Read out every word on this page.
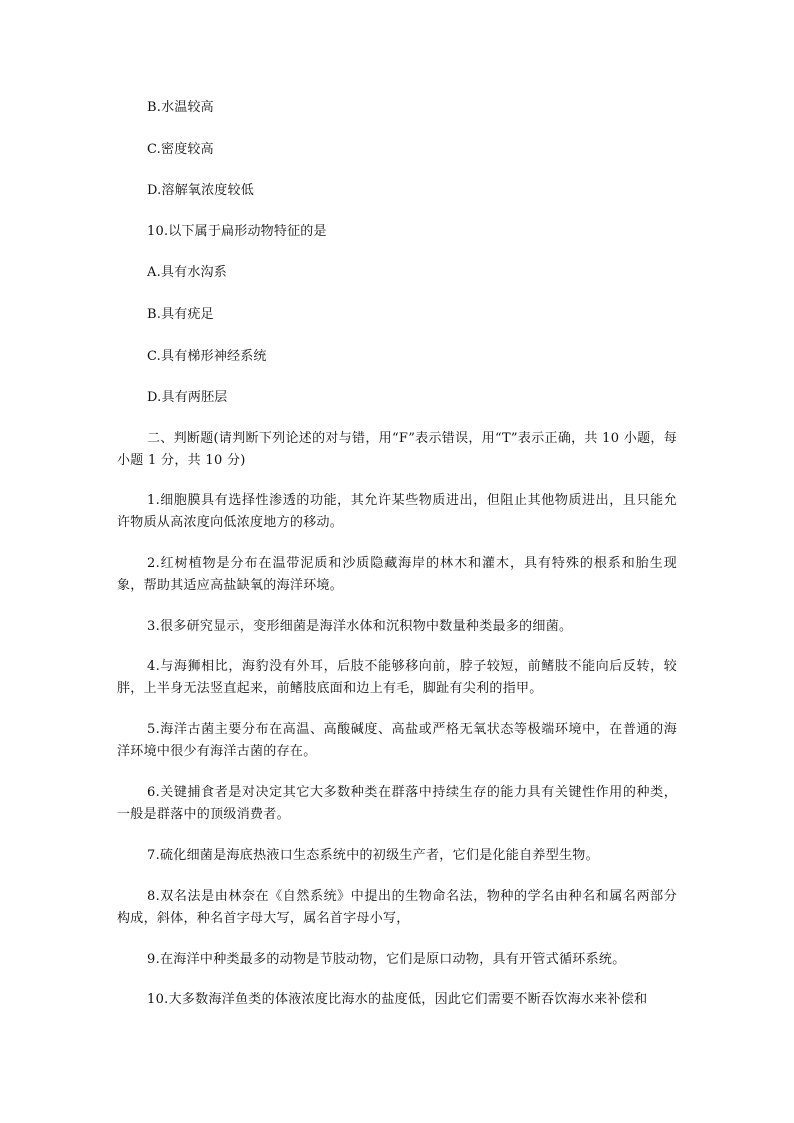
B.水温较高
C.密度较高
D.溶解氧浓度较低
10.以下属于扁形动物特征的是
A.具有水沟系
B.具有疣足
C.具有梯形神经系统
D.具有两胚层
二、判断题(请判断下列论述的对与错，用“F”表示错误，用“T”表示正确，共 10 小题，每小题 1 分，共 10 分)
1.细胞膜具有选择性渗透的功能，其允许某些物质进出，但阻止其他物质进出，且只能允许物质从高浓度向低浓度地方的移动。
2.红树植物是分布在温带泥质和沙质隐藏海岸的林木和灌木，具有特殊的根系和胎生现象，帮助其适应高盐缺氧的海洋环境。
3.很多研究显示，变形细菌是海洋水体和沉积物中数量种类最多的细菌。
4.与海狮相比，海豹没有外耳，后肢不能够移向前，脖子较短，前鳍肢不能向后反转，较胖，上半身无法竖直起来，前鳍肢底面和边上有毛，脚趾有尖利的指甲。
5.海洋古菌主要分布在高温、高酸碱度、高盐或严格无氧状态等极端环境中，在普通的海洋环境中很少有海洋古菌的存在。
6.关键捕食者是对决定其它大多数种类在群落中持续生存的能力具有关键性作用的种类，一般是群落中的顶级消费者。
7.硫化细菌是海底热液口生态系统中的初级生产者，它们是化能自养型生物。
8.双名法是由林奈在《自然系统》中提出的生物命名法，物种的学名由种名和属名两部分构成，斜体，种名首字母大写，属名首字母小写，
9.在海洋中种类最多的动物是节肢动物，它们是原口动物，具有开管式循环系统。
10.大多数海洋鱼类的体液浓度比海水的盐度低，因此它们需要不断吞饮海水来补偿和
